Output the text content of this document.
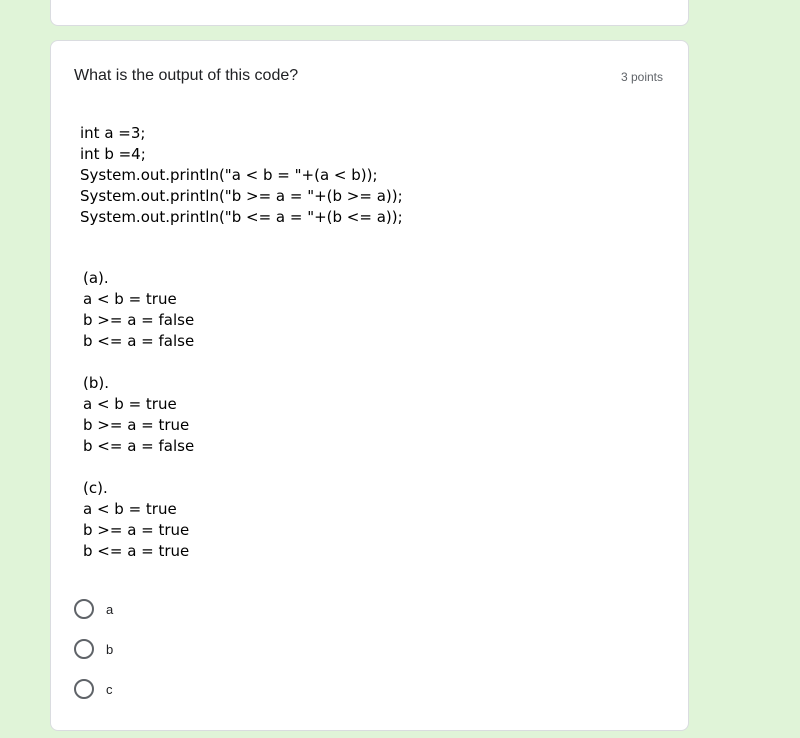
What is the output of this code?	3 points
int a =3;
int b =4;
System.out.println("a < b = "+(a < b));
System.out.println("b >= a = "+(b >= a));
System.out.println("b <= a = "+(b <= a));
(a).
a < b = true
b >= a = false
b <= a = false
(b).
a < b = true
b >= a = true
b <= a = false
(c).
a < b = true
b >= a = true
b <= a = true
a
b
c
